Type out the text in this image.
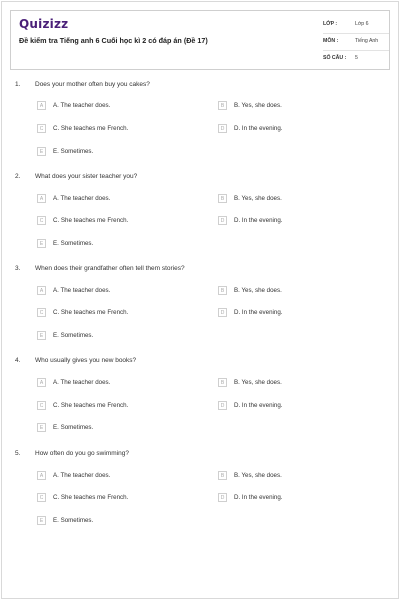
Quizizz
Đề kiểm tra Tiếng anh 6 Cuối học kì 2 có đáp án (Đề 17)
LỚP :	Lớp 6
MÔN :	Tiếng Anh
SỐ CÂU : 5
1. Does your mother often buy you cakes?
A	A. The teacher does.	B	B. Yes, she does.
C	C. She teaches me French.	D	D. In the evening.
E	E. Sometimes.
2. What does your sister teacher you?
A	A. The teacher does.	B	B. Yes, she does.
C	C. She teaches me French.	D	D. In the evening.
E	E. Sometimes.
3. When does their grandfather often tell them stories?
A	A. The teacher does.	B	B. Yes, she does.
C	C. She teaches me French.	D	D. In the evening.
E	E. Sometimes.
4. Who usually gives you new books?
A	A. The teacher does.	B	B. Yes, she does.
C	C. She teaches me French.	D	D. In the evening.
E	E. Sometimes.
5. How often do you go swimming?
A	A. The teacher does.	B	B. Yes, she does.
C	C. She teaches me French.	D	D. In the evening.
E	E. Sometimes.
